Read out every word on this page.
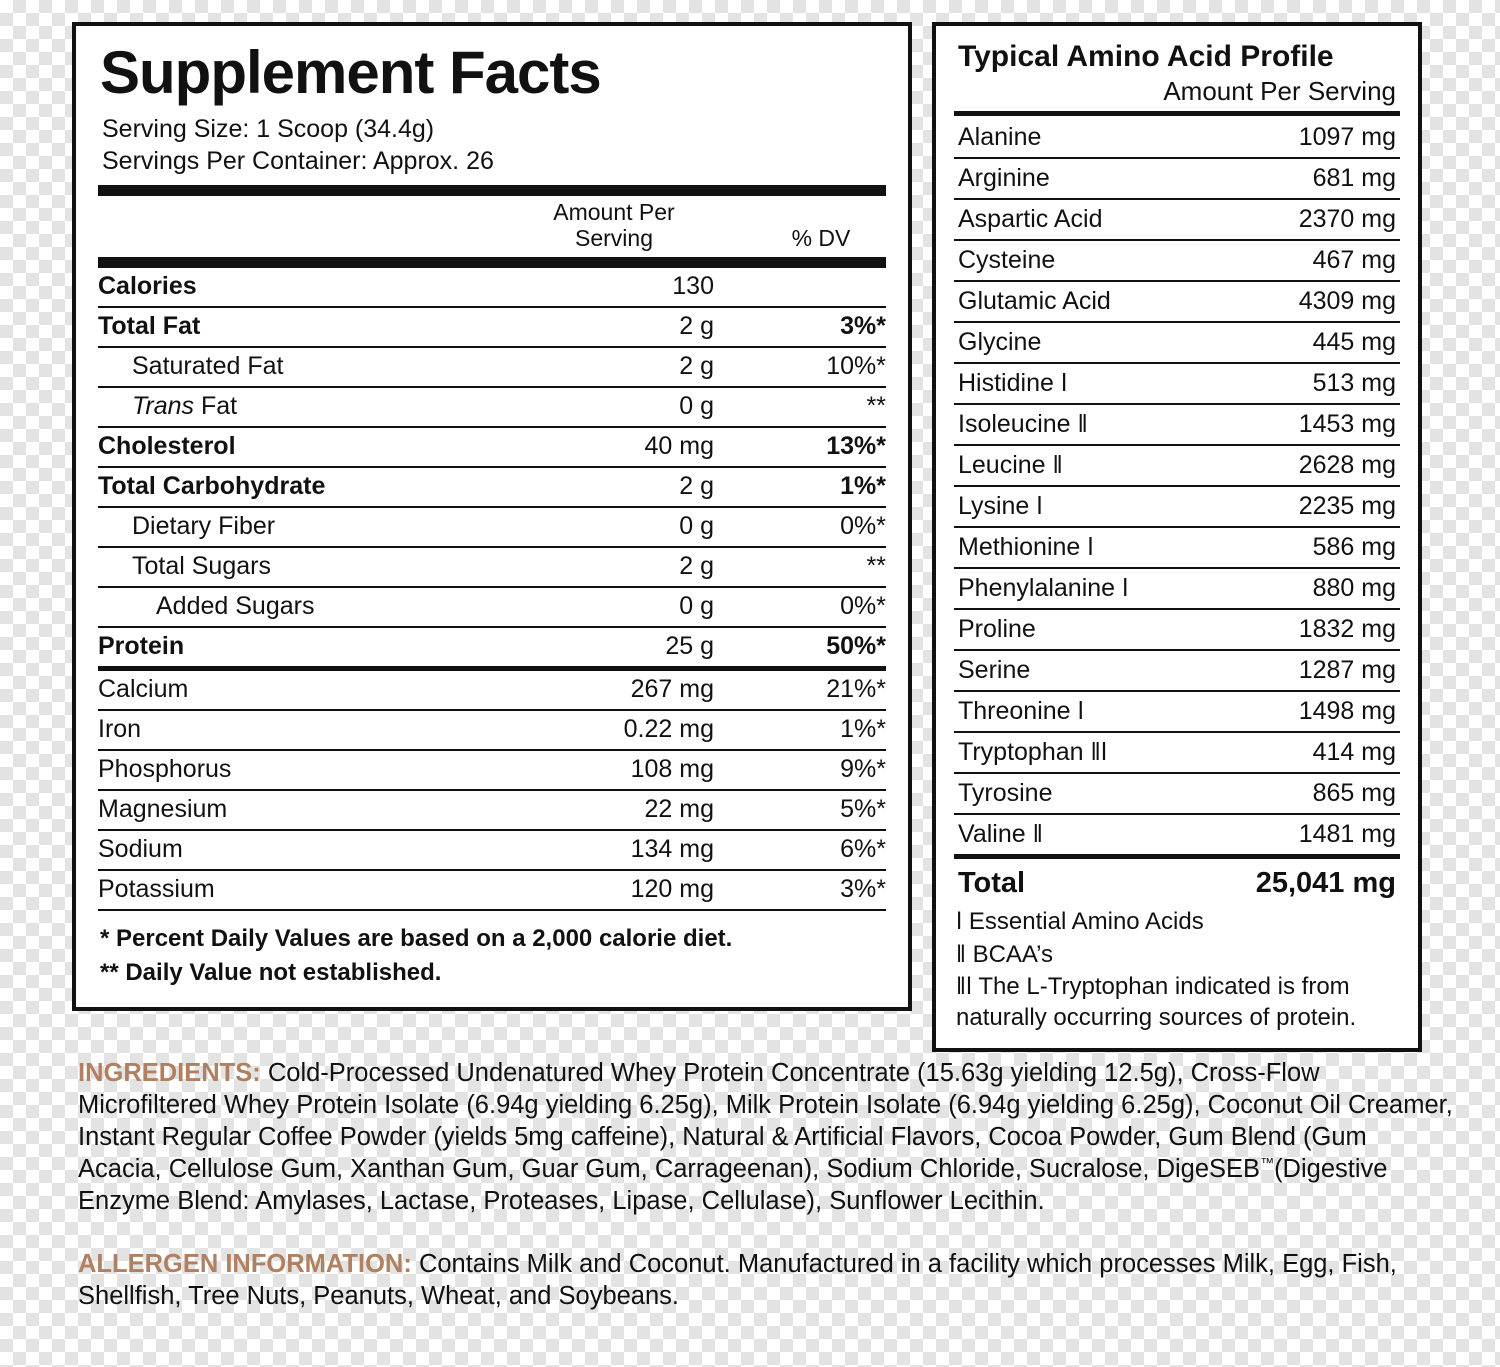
Supplement Facts
Serving Size: 1 Scoop (34.4g)
Servings Per Container: Approx. 26
	Amount Per
Serving	% DV
Calories	130	
Total Fat	2 g	3%*
Saturated Fat	2 g	10%*
Trans Fat	0 g	**
Cholesterol	40 mg	13%*
Total Carbohydrate	2 g	1%*
Dietary Fiber	0 g	0%*
Total Sugars	2 g	**
Added Sugars	0 g	0%*
Protein	25 g	50%*
Calcium	267 mg	21%*
Iron	0.22 mg	1%*
Phosphorus	108 mg	9%*
Magnesium	22 mg	5%*
Sodium	134 mg	6%*
Potassium	120 mg	3%*
* Percent Daily Values are based on a 2,000 calorie diet.
** Daily Value not established.
Typical Amino Acid Profile
Amount Per Serving
Alanine	1097 mg
Arginine	681 mg
Aspartic Acid	2370 mg
Cysteine	467 mg
Glutamic Acid	4309 mg
Glycine	445 mg
Histidine ǀ	513 mg
Isoleucine ǁ	1453 mg
Leucine ǁ	2628 mg
Lysine ǀ	2235 mg
Methionine ǀ	586 mg
Phenylalanine ǀ	880 mg
Proline	1832 mg
Serine	1287 mg
Threonine ǀ	1498 mg
Tryptophan ǁǀ	414 mg
Tyrosine	865 mg
Valine ǁ	1481 mg
Total	25,041 mg
ǀ Essential Amino Acids
ǁ BCAA’s
ǁǀ The L-Tryptophan indicated is from naturally occurring sources of protein.
INGREDIENTS: Cold-Processed Undenatured Whey Protein Concentrate (15.63g yielding 12.5g), Cross-Flow Microfiltered Whey Protein Isolate (6.94g yielding 6.25g), Milk Protein Isolate (6.94g yielding 6.25g), Coconut Oil Creamer, Instant Regular Coffee Powder (yields 5mg caffeine), Natural & Artificial Flavors, Cocoa Powder, Gum Blend (Gum Acacia, Cellulose Gum, Xanthan Gum, Guar Gum, Carrageenan), Sodium Chloride, Sucralose, DigeSEB™(Digestive Enzyme Blend: Amylases, Lactase, Proteases, Lipase, Cellulase), Sunflower Lecithin.
ALLERGEN INFORMATION: Contains Milk and Coconut. Manufactured in a facility which processes Milk, Egg, Fish, Shellfish, Tree Nuts, Peanuts, Wheat, and Soybeans.
